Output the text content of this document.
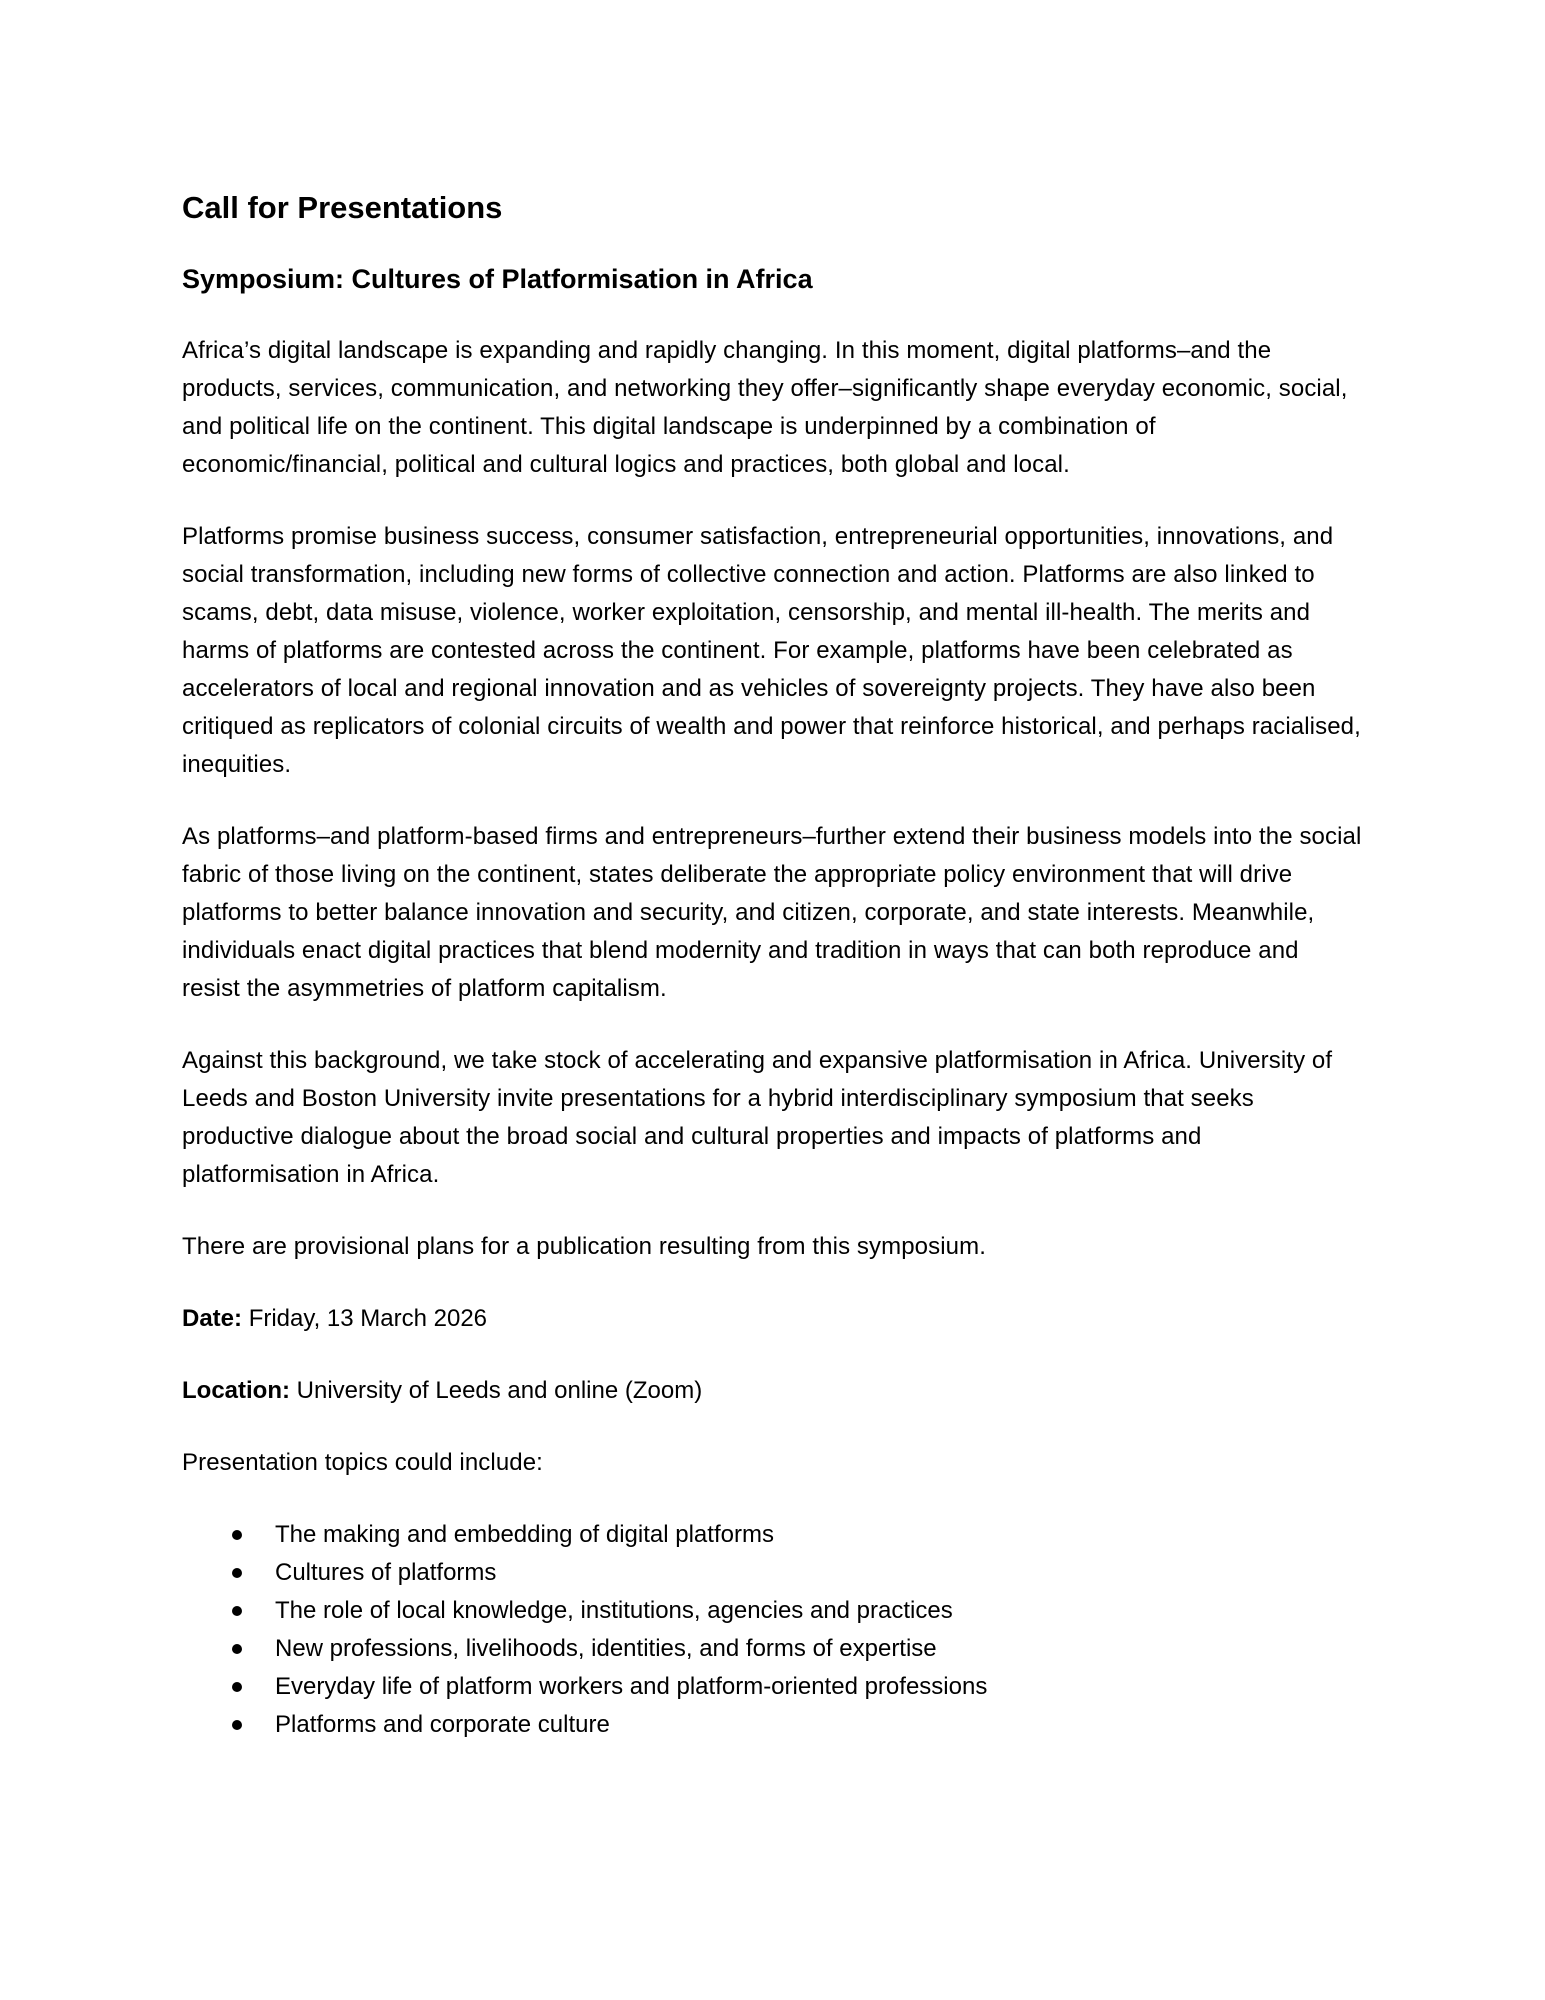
Call for Presentations
Symposium: Cultures of Platformisation in Africa

Africa’s digital landscape is expanding and rapidly changing. In this moment, digital platforms–and the products, services, communication, and networking they offer–significantly shape everyday economic, social, and political life on the continent. This digital landscape is underpinned by a combination of economic/financial, political and cultural logics and practices, both global and local.

Platforms promise business success, consumer satisfaction, entrepreneurial opportunities, innovations, and social transformation, including new forms of collective connection and action. Platforms are also linked to scams, debt, data misuse, violence, worker exploitation, censorship, and mental ill-health. The merits and harms of platforms are contested across the continent. For example, platforms have been celebrated as accelerators of local and regional innovation and as vehicles of sovereignty projects. They have also been critiqued as replicators of colonial circuits of wealth and power that reinforce historical, and perhaps racialised, inequities.

As platforms–and platform-based firms and entrepreneurs–further extend their business models into the social fabric of those living on the continent, states deliberate the appropriate policy environment that will drive platforms to better balance innovation and security, and citizen, corporate, and state interests. Meanwhile, individuals enact digital practices that blend modernity and tradition in ways that can both reproduce and resist the asymmetries of platform capitalism.

Against this background, we take stock of accelerating and expansive platformisation in Africa. University of Leeds and Boston University invite presentations for a hybrid interdisciplinary symposium that seeks productive dialogue about the broad social and cultural properties and impacts of platforms and platformisation in Africa.

There are provisional plans for a publication resulting from this symposium.

Date: Friday, 13 March 2026

Location: University of Leeds and online (Zoom)

Presentation topics could include:

The making and embedding of digital platforms
Cultures of platforms
The role of local knowledge, institutions, agencies and practices
New professions, livelihoods, identities, and forms of expertise
Everyday life of platform workers and platform-oriented professions
Platforms and corporate culture
